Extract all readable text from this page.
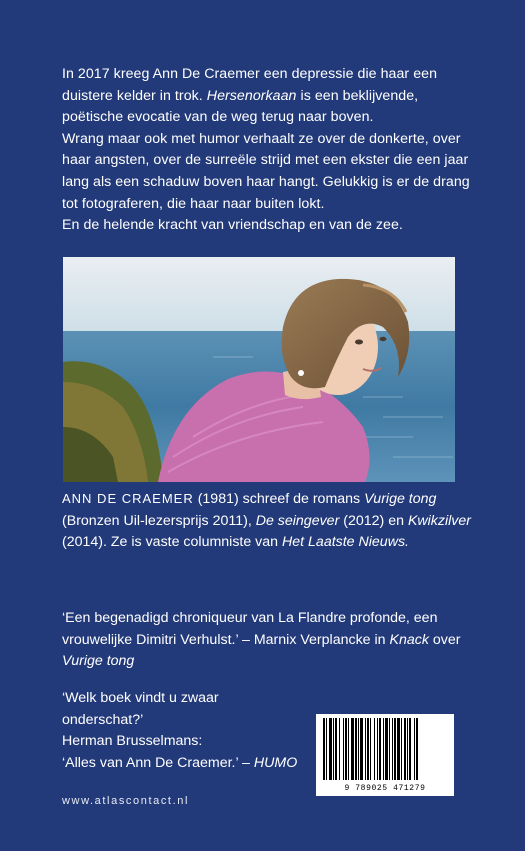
In 2017 kreeg Ann De Craemer een depressie die haar een duistere kelder in trok. Hersenorkaan is een beklijvende, poëtische evocatie van de weg terug naar boven.

Wrang maar ook met humor verhaalt ze over de donkerte, over haar angsten, over de surreële strijd met een ekster die een jaar lang als een schaduw boven haar hangt. Gelukkig is er de drang tot fotograferen, die haar naar buiten lokt.

En de helende kracht van vriendschap en van de zee.

ANN DE CRAEMER (1981) schreef de romans Vurige tong (Bronzen Uil-lezersprijs 2011), De seingever (2012) en Kwikzilver (2014). Ze is vaste columniste van Het Laatste Nieuws.
‘Een begenadigd chroniqueur van La Flandre profonde, een vrouwelijke Dimitri Verhulst.’ – Marnix Verplancke in Knack over Vurige tong
‘Welk boek vindt u zwaar onderschat?’
Herman Brusselmans:
‘Alles van Ann De Craemer.’ – HUMO
www.atlascontact.nl
9 789025 471279
